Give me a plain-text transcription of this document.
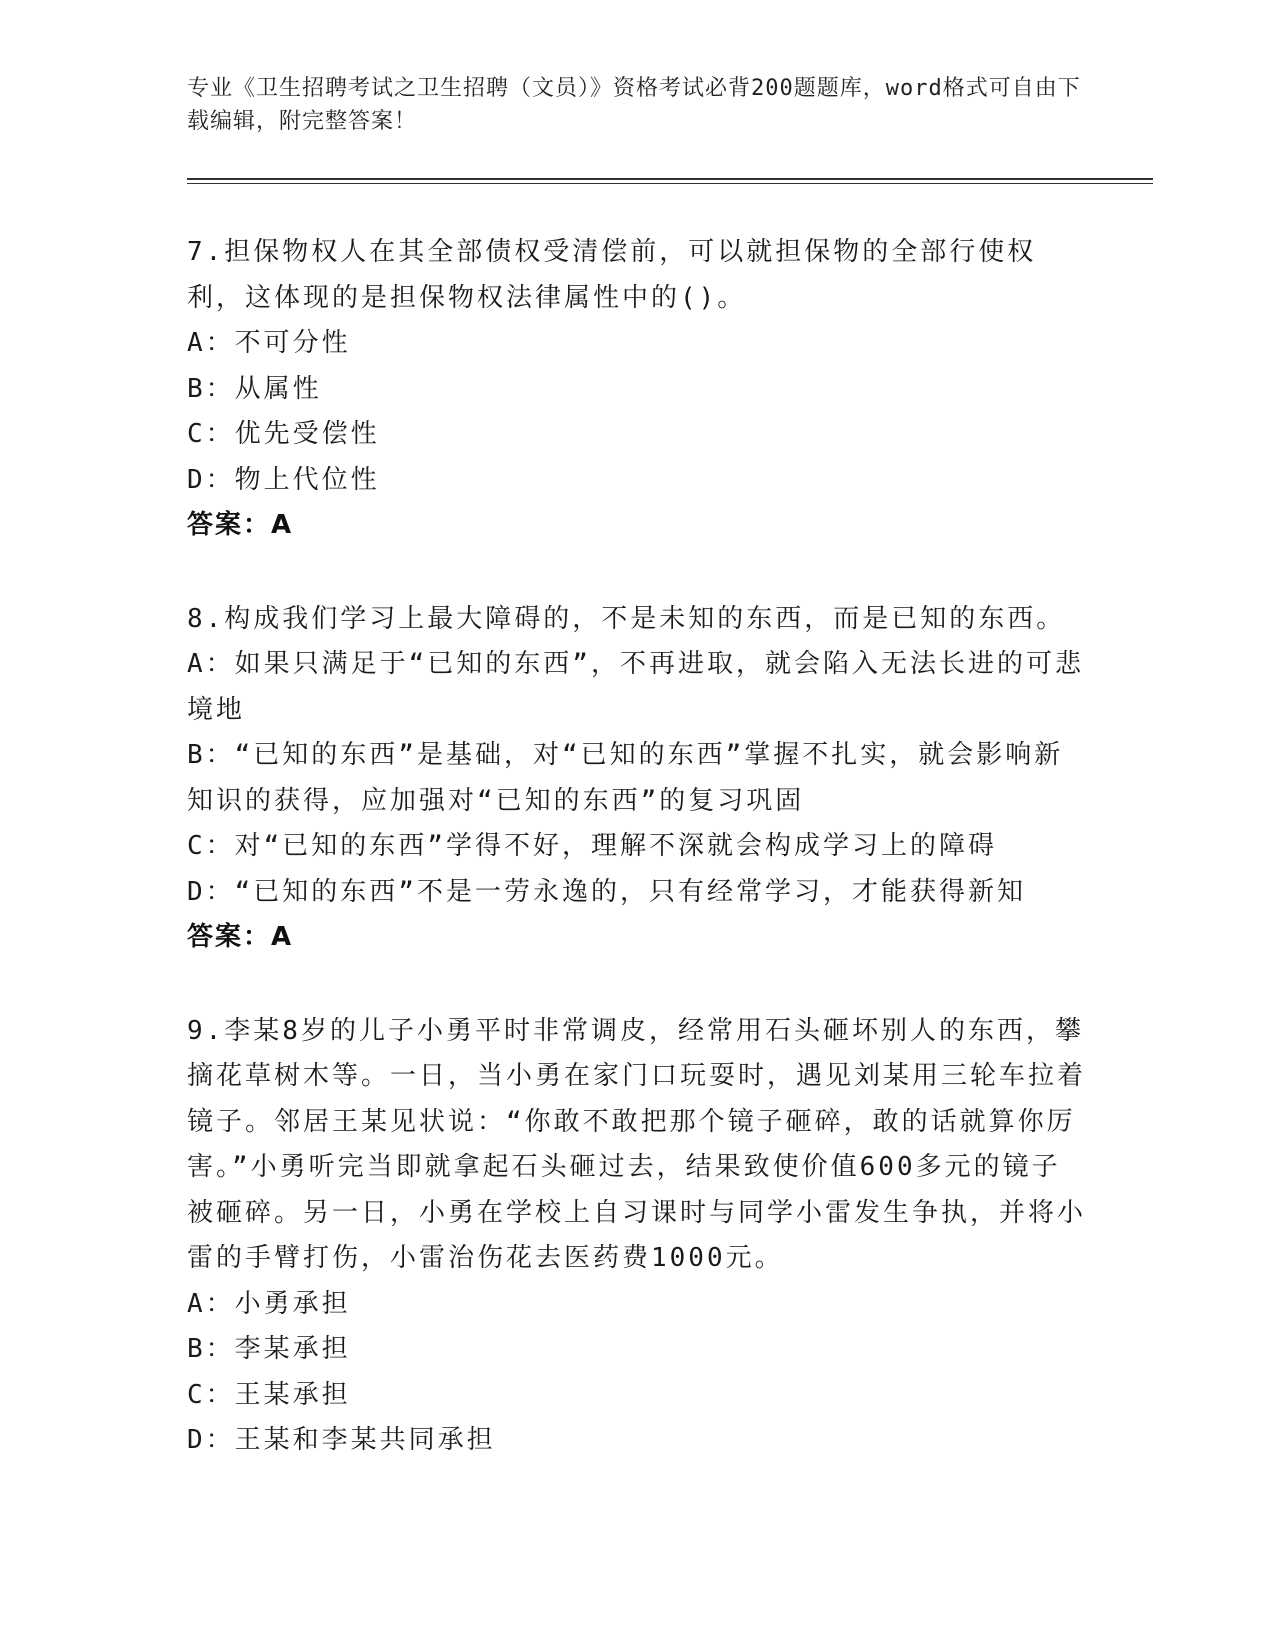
专业《卫生招聘考试之卫生招聘（文员）》资格考试必背200题题库，word格式可自由下载编辑，附完整答案！

7.担保物权人在其全部债权受清偿前，可以就担保物的全部行使权利，这体现的是担保物权法律属性中的()。

A：不可分性

B：从属性

C：优先受偿性

D：物上代位性

答案：A

8.构成我们学习上最大障碍的，不是未知的东西，而是已知的东西。

A：如果只满足于“已知的东西”，不再进取，就会陷入无法长进的可悲境地

B：“已知的东西”是基础，对“已知的东西”掌握不扎实，就会影响新知识的获得，应加强对“已知的东西”的复习巩固

C：对“已知的东西”学得不好，理解不深就会构成学习上的障碍

D：“已知的东西”不是一劳永逸的，只有经常学习，才能获得新知

答案：A

9.李某8岁的儿子小勇平时非常调皮，经常用石头砸坏别人的东西，攀摘花草树木等。一日，当小勇在家门口玩耍时，遇见刘某用三轮车拉着镜子。邻居王某见状说：“你敢不敢把那个镜子砸碎，敢的话就算你厉害。”小勇听完当即就拿起石头砸过去，结果致使价值600多元的镜子被砸碎。另一日，小勇在学校上自习课时与同学小雷发生争执，并将小雷的手臂打伤，小雷治伤花去医药费1000元。

A：小勇承担

B：李某承担

C：王某承担

D：王某和李某共同承担
